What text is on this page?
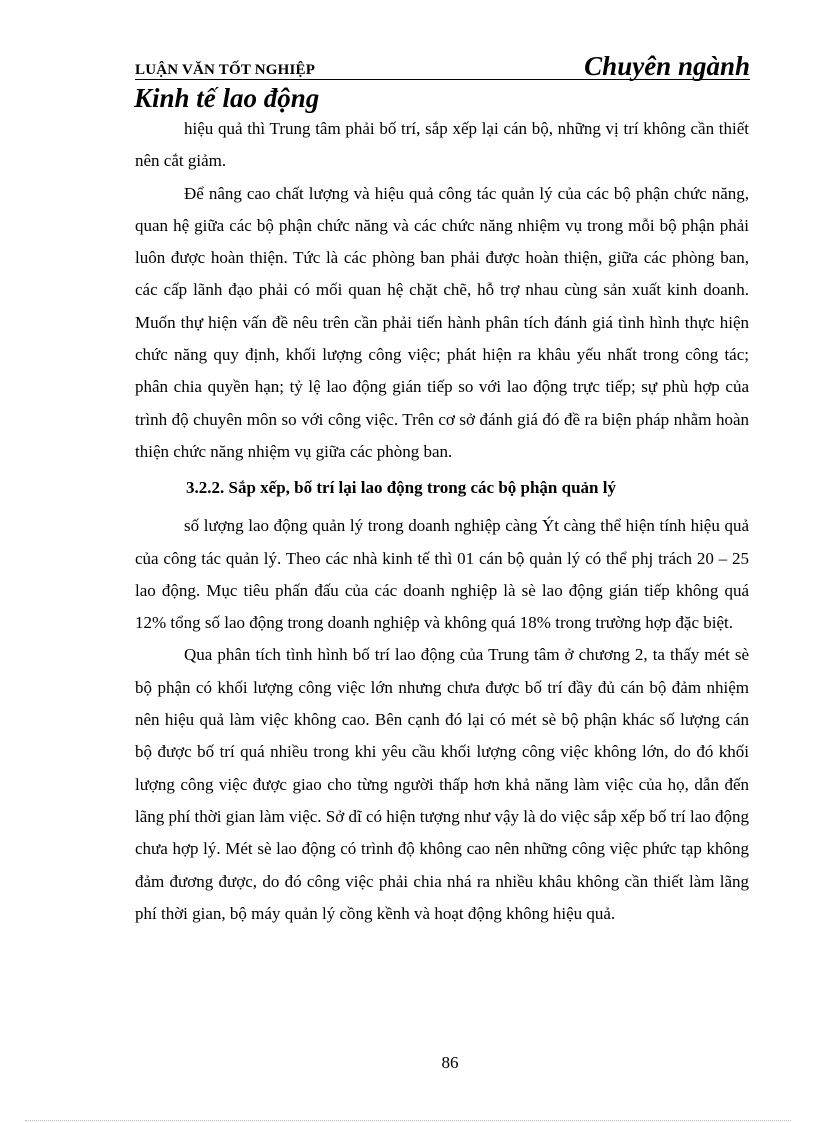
LUẬN VĂN TỐT NGHIỆP	Chuyên ngành
Kinh tế lao động

hiệu quả thì Trung tâm phải bố trí, sắp xếp lại cán bộ, những vị trí không cần thiết nên cắt giảm.

Để nâng cao chất lượng và hiệu quả công tác quản lý của các bộ phận chức năng, quan hệ giữa các bộ phận chức năng và các chức năng nhiệm vụ trong mỗi bộ phận phải luôn được hoàn thiện. Tức là các phòng ban phải được hoàn thiện, giữa các phòng ban, các cấp lãnh đạo phải có mối quan hệ chặt chẽ, hỗ trợ nhau cùng sản xuất kinh doanh. Muốn thự hiện vấn đề nêu trên cần phải tiến hành phân tích đánh giá tình hình thực hiện chức năng quy định, khối lượng công việc; phát hiện ra khâu yếu nhất trong công tác; phân chia quyền hạn; tỷ lệ lao động gián tiếp so với lao động trực tiếp; sự phù hợp của trình độ chuyên môn so với công việc. Trên cơ sở đánh giá đó đề ra biện pháp nhằm hoàn thiện chức năng nhiệm vụ giữa các phòng ban.

3.2.2. Sắp xếp, bố trí lại lao động trong các bộ phận quản lý

số lượng lao động quản lý trong doanh nghiệp càng Ýt càng thể hiện tính hiệu quả của công tác quản lý. Theo các nhà kinh tế thì 01 cán bộ quản lý có thể phj trách 20 – 25 lao động. Mục tiêu phấn đấu của các doanh nghiệp là sè lao động gián tiếp không quá 12% tổng số lao động trong doanh nghiệp và không quá 18% trong trường hợp đặc biệt.

Qua phân tích tình hình bố trí lao động của Trung tâm ở chương 2, ta thấy mét sè bộ phận có khối lượng công việc lớn nhưng chưa được bố trí đầy đủ cán bộ đảm nhiệm nên hiệu quả làm việc không cao. Bên cạnh đó lại có mét sè bộ phận khác số lượng cán bộ được bố trí quá nhiều trong khi yêu cầu khối lượng công việc không lớn, do đó khối lượng công việc được giao cho từng người thấp hơn khả năng làm việc của họ, dẫn đến lãng phí thời gian làm việc. Sở dĩ có hiện tượng như vậy là do việc sắp xếp bố trí lao động chưa hợp lý. Mét sè lao động có trình độ không cao nên những công việc phức tạp không đảm đương được, do đó công việc phải chia nhá ra nhiều khâu không cần thiết làm lãng phí thời gian, bộ máy quản lý cồng kềnh và hoạt động không hiệu quả.

86
